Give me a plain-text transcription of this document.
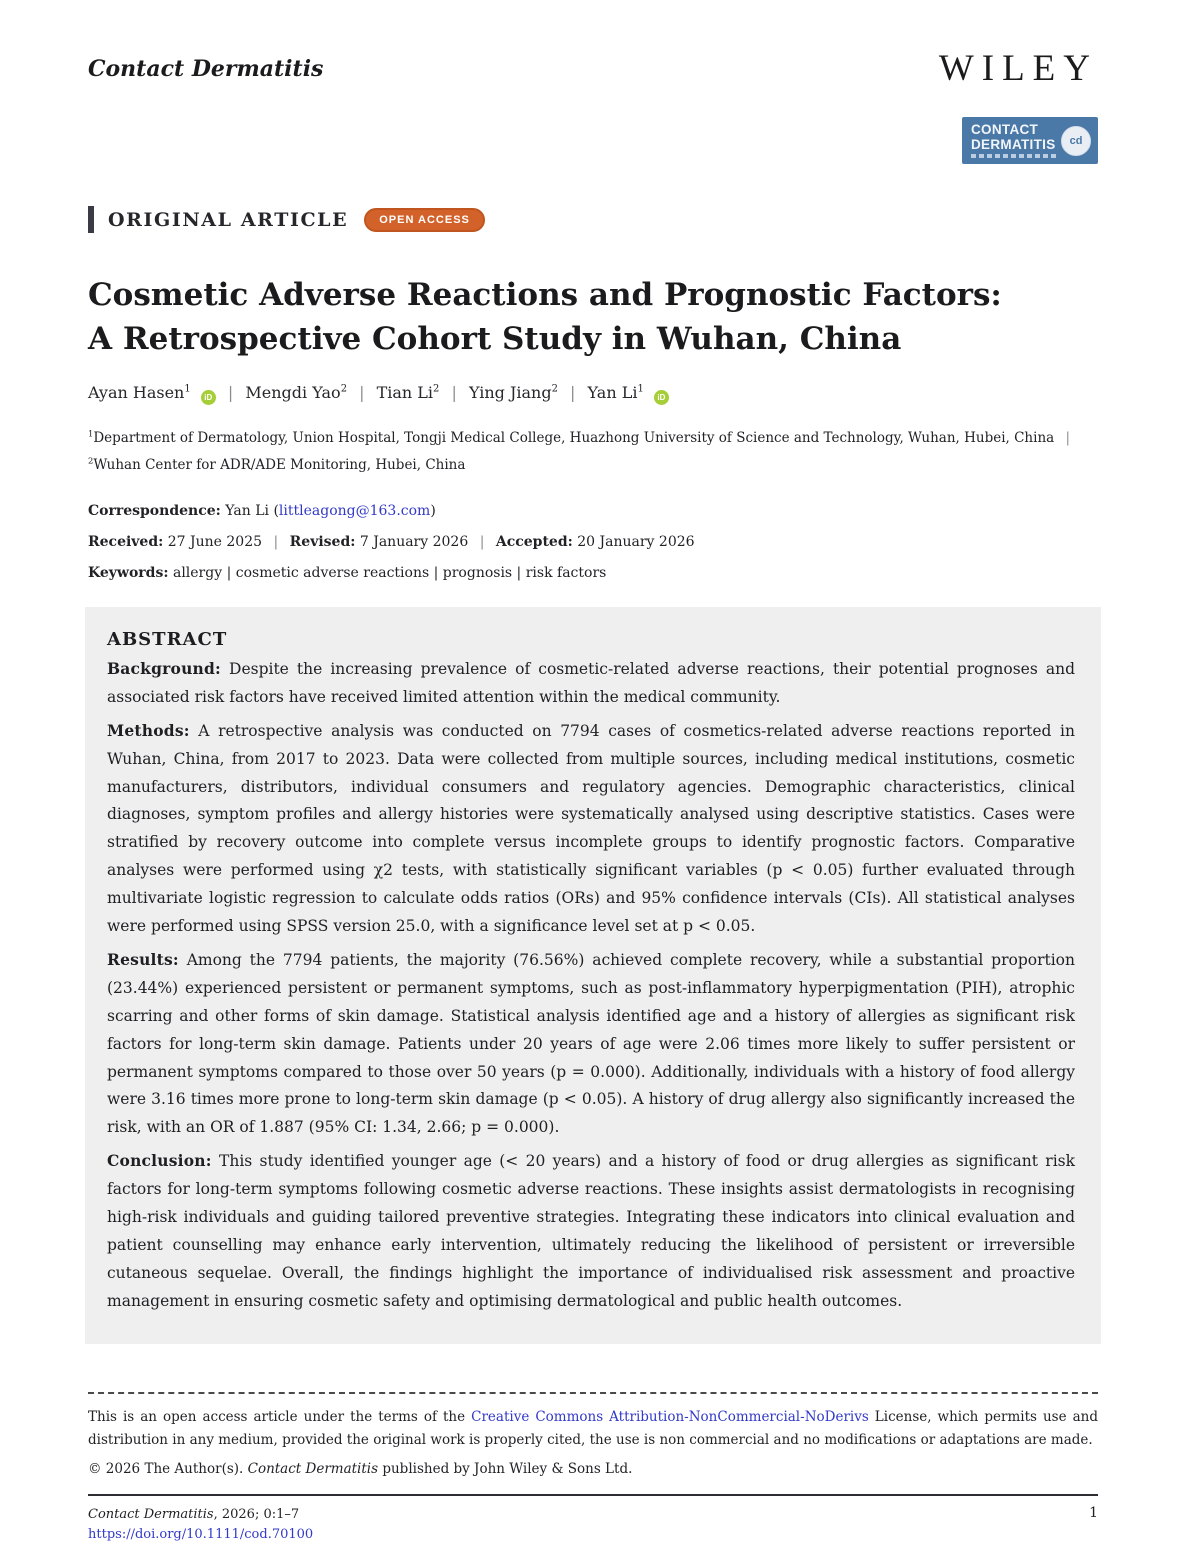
Contact Dermatitis	WILEY
CONTACT
DERMATITIS	cd
ORIGINAL ARTICLE	OPEN ACCESS
Cosmetic Adverse Reactions and Prognostic Factors:
A Retrospective Cohort Study in Wuhan, China
Ayan Hasen$^1$ iD | Mengdi Yao$^2$ | Tian Li$^2$ | Ying Jiang$^2$ | Yan Li$^1$ iD
$^1$Department of Dermatology, Union Hospital, Tongji Medical College, Huazhong University of Science and Technology, Wuhan, Hubei, China | $^2$Wuhan Center for ADR/ADE Monitoring, Hubei, China
Correspondence: Yan Li (littleagong@163.com)
Received: 27 June 2025 | Revised: 7 January 2026 | Accepted: 20 January 2026
Keywords: allergy | cosmetic adverse reactions | prognosis | risk factors
ABSTRACT

Background: Despite the increasing prevalence of cosmetic-related adverse reactions, their potential prognoses and associated risk factors have received limited attention within the medical community.

Methods: A retrospective analysis was conducted on 7794 cases of cosmetics-related adverse reactions reported in Wuhan, China, from 2017 to 2023. Data were collected from multiple sources, including medical institutions, cosmetic manufacturers, distributors, individual consumers and regulatory agencies. Demographic characteristics, clinical diagnoses, symptom profiles and allergy histories were systematically analysed using descriptive statistics. Cases were stratified by recovery outcome into complete versus incomplete groups to identify prognostic factors. Comparative analyses were performed using χ2 tests, with statistically significant variables (p < 0.05) further evaluated through multivariate logistic regression to calculate odds ratios (ORs) and 95% confidence intervals (CIs). All statistical analyses were performed using SPSS version 25.0, with a significance level set at p < 0.05.

Results: Among the 7794 patients, the majority (76.56%) achieved complete recovery, while a substantial proportion (23.44%) experienced persistent or permanent symptoms, such as post-inflammatory hyperpigmentation (PIH), atrophic scarring and other forms of skin damage. Statistical analysis identified age and a history of allergies as significant risk factors for long-term skin damage. Patients under 20 years of age were 2.06 times more likely to suffer persistent or permanent symptoms compared to those over 50 years (p = 0.000). Additionally, individuals with a history of food allergy were 3.16 times more prone to long-term skin damage (p < 0.05). A history of drug allergy also significantly increased the risk, with an OR of 1.887 (95% CI: 1.34, 2.66; p = 0.000).

Conclusion: This study identified younger age (< 20 years) and a history of food or drug allergies as significant risk factors for long-term symptoms following cosmetic adverse reactions. These insights assist dermatologists in recognising high-risk individuals and guiding tailored preventive strategies. Integrating these indicators into clinical evaluation and patient counselling may enhance early intervention, ultimately reducing the likelihood of persistent or irreversible cutaneous sequelae. Overall, the findings highlight the importance of individualised risk assessment and proactive management in ensuring cosmetic safety and optimising dermatological and public health outcomes.

This is an open access article under the terms of the Creative Commons Attribution-NonCommercial-NoDerivs License, which permits use and distribution in any medium, provided the original work is properly cited, the use is non commercial and no modifications or adaptations are made.
© 2026 The Author(s). Contact Dermatitis published by John Wiley & Sons Ltd.
Contact Dermatitis, 2026; 0:1–7
https://doi.org/10.1111/cod.70100
1
